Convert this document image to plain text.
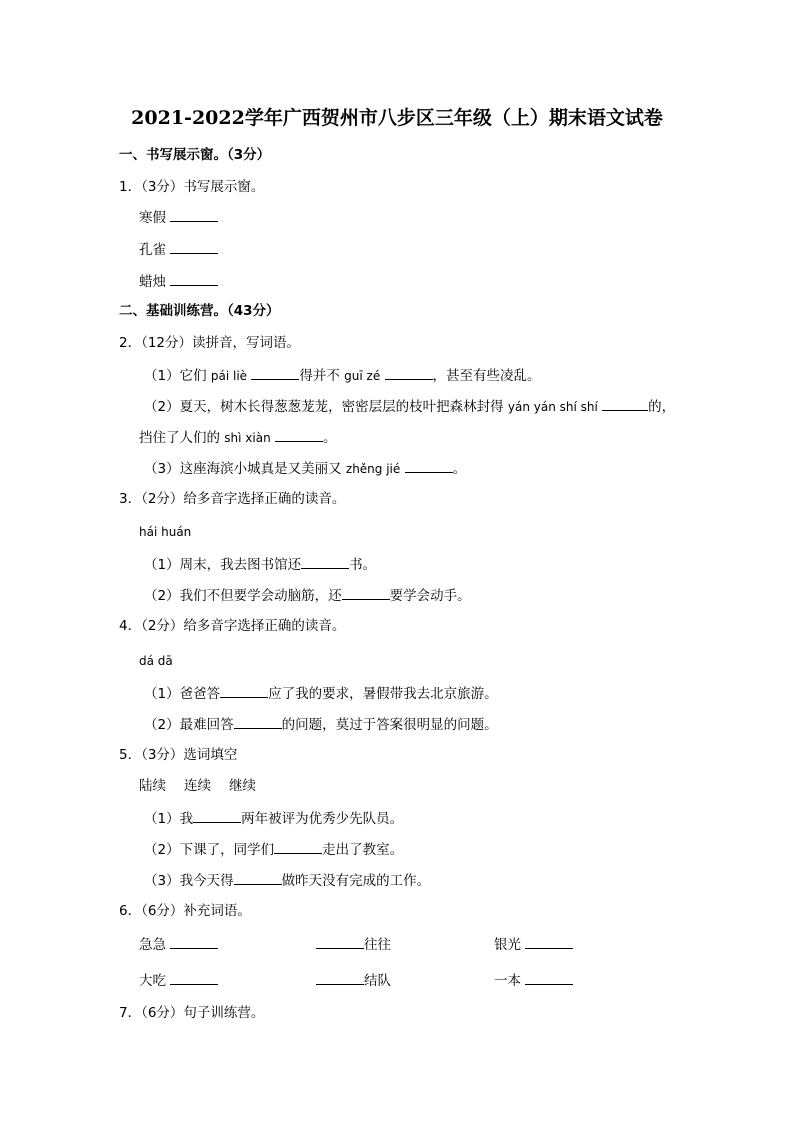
2021-2022学年广西贺州市八步区三年级（上）期末语文试卷
一、书写展示窗。（3分）
1．（3分）书写展示窗。
寒假
孔雀
蜡烛
二、基础训练营。（43分）
2．（12分）读拼音，写词语。
（1）它们 pái liè	得并不 guī zé	，甚至有些凌乱。
（2）夏天，树木长得葱葱茏茏，密密层层的枝叶把森林封得 yán yán shí shí	的，
挡住了人们的 shì xiàn	。
（3）这座海滨小城真是又美丽又 zhěng jié	。
3．（2分）给多音字选择正确的读音。
hái huán
（1）周末，我去图书馆还	书。
（2）我们不但要学会动脑筋，还	要学会动手。
4．（2分）给多音字选择正确的读音。
dá dā
（1）爸爸答	应了我的要求，暑假带我去北京旅游。
（2）最难回答	的问题，莫过于答案很明显的问题。
5．（3分）选词填空
陆续 连续 继续
（1）我	两年被评为优秀少先队员。
（2）下课了，同学们	走出了教室。
（3）我今天得	做昨天没有完成的工作。
6．（6分）补充词语。
急急	往往	银光
大吃	结队	一本
7．（6分）句子训练营。
